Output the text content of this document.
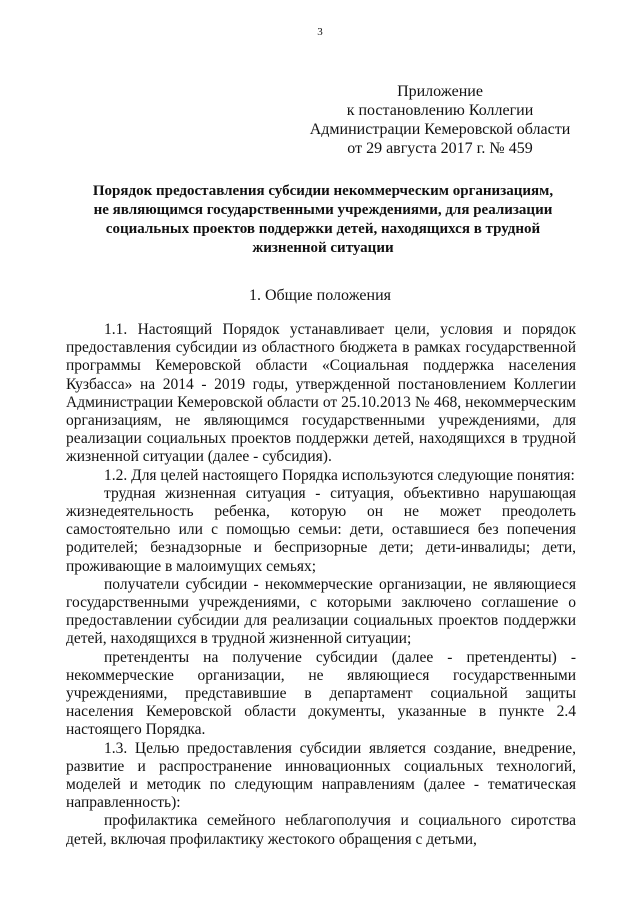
3
Приложение
к постановлению Коллегии
Администрации Кемеровской области
от 29 августа 2017 г. № 459
Порядок предоставления субсидии некоммерческим организациям,
не являющимся государственными учреждениями, для реализации
социальных проектов поддержки детей, находящихся в трудной
жизненной ситуации
1. Общие положения

1.1. Настоящий Порядок устанавливает цели, условия и порядок предоставления субсидии из областного бюджета в рамках государственной программы Кемеровской области «Социальная поддержка населения Кузбасса» на 2014 - 2019 годы, утвержденной постановлением Коллегии Администрации Кемеровской области от 25.10.2013 № 468, некоммерческим организациям, не являющимся государственными учреждениями, для реализации социальных проектов поддержки детей, находящихся в трудной жизненной ситуации (далее - субсидия).

1.2. Для целей настоящего Порядка используются следующие понятия:

трудная жизненная ситуация - ситуация, объективно нарушающая жизнедеятельность ребенка, которую он не может преодолеть самостоятельно или с помощью семьи: дети, оставшиеся без попечения родителей; безнадзорные и беспризорные дети; дети-инвалиды; дети, проживающие в малоимущих семьях;

получатели субсидии - некоммерческие организации, не являющиеся государственными учреждениями, с которыми заключено соглашение о предоставлении субсидии для реализации социальных проектов поддержки детей, находящихся в трудной жизненной ситуации;

претенденты на получение субсидии (далее - претенденты) - некоммерческие организации, не являющиеся государственными учреждениями, представившие в департамент социальной защиты населения Кемеровской области документы, указанные в пункте 2.4 настоящего Порядка.

1.3. Целью предоставления субсидии является создание, внедрение, развитие и распространение инновационных социальных технологий, моделей и методик по следующим направлениям (далее - тематическая направленность):

профилактика семейного неблагополучия и социального сиротства детей, включая профилактику жестокого обращения с детьми,
